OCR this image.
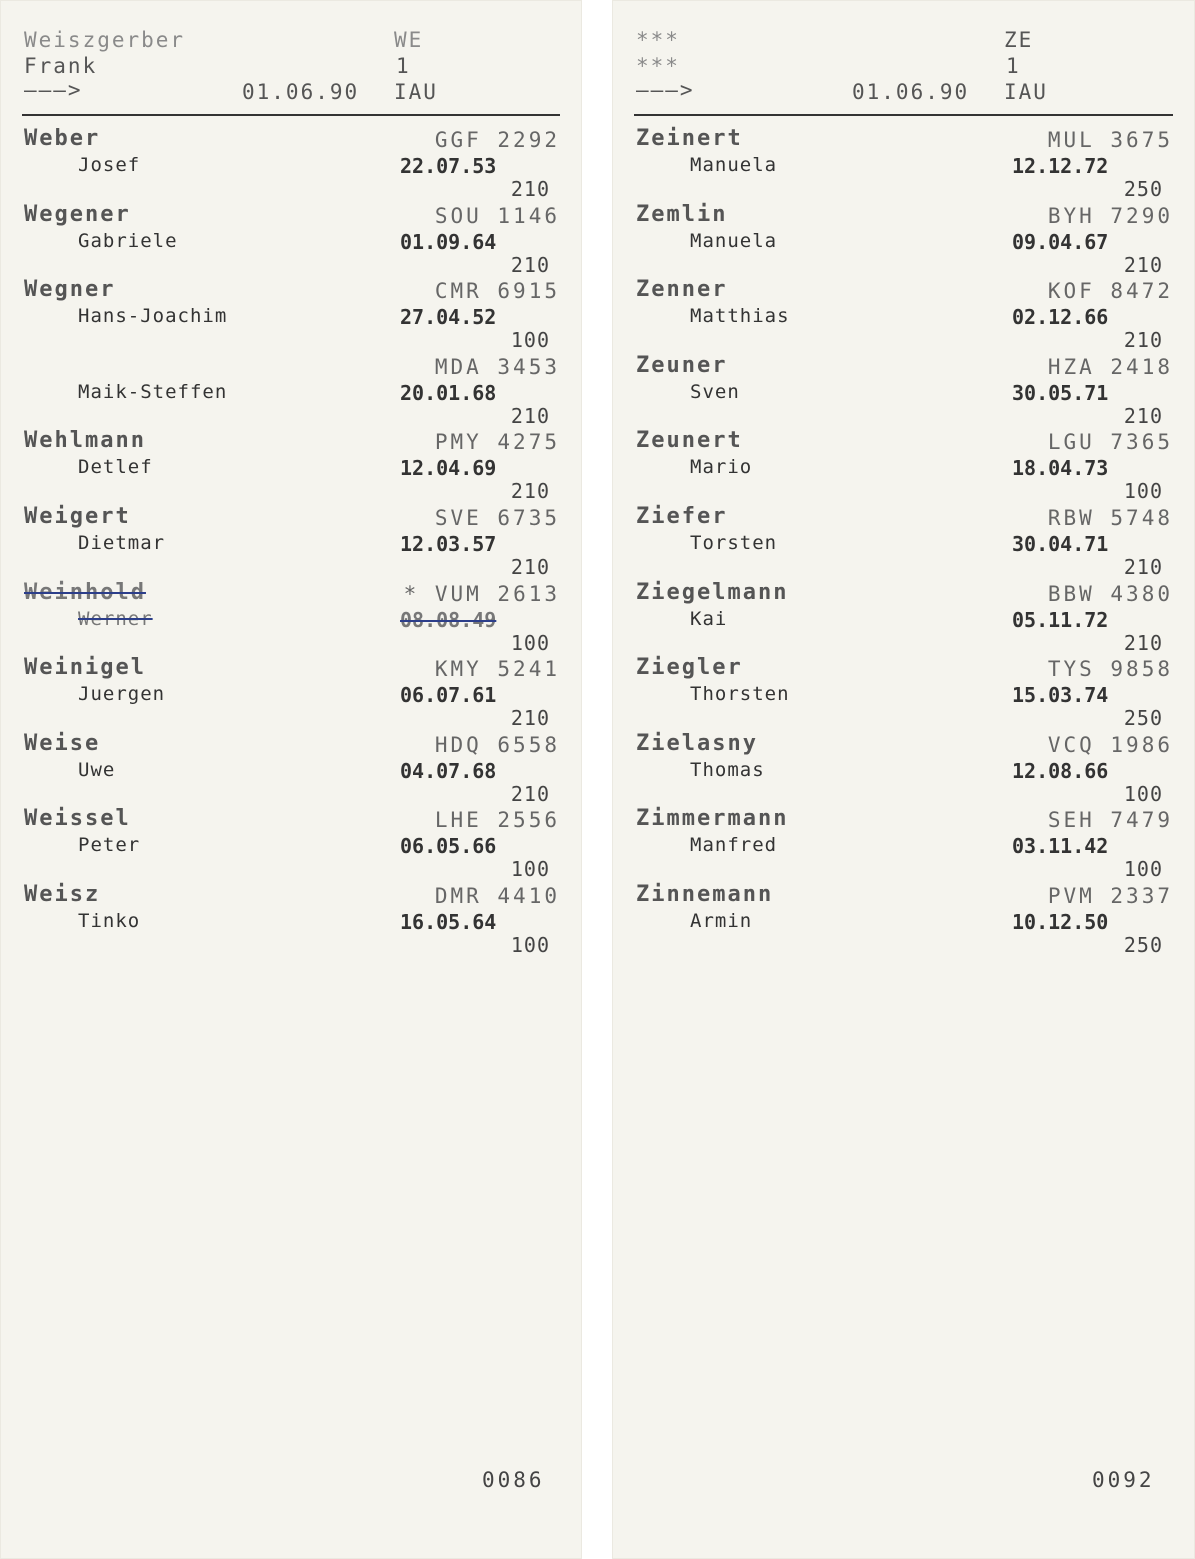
Weiszgerber
Frank
———>	01.06.90
WE
1
IAU
Weber
Josef
GGF 2292
22.07.53
210
Wegener
Gabriele
SOU 1146
01.09.64
210
Wegner
Hans-Joachim
CMR 6915
27.04.52
100
Maik-Steffen
MDA 3453
20.01.68
210
Wehlmann
Detlef
PMY 4275
12.04.69
210
Weigert
Dietmar
SVE 6735
12.03.57
210
Weinhold
Werner
* VUM 2613
08.08.49
100
Weinigel
Juergen
KMY 5241
06.07.61
210
Weise
Uwe
HDQ 6558
04.07.68
210
Weissel
Peter
LHE 2556
06.05.66
100
Weisz
Tinko
DMR 4410
16.05.64
100
0086
***
***
———>	01.06.90
ZE
1
IAU
Zeinert
Manuela
MUL 3675
12.12.72
250
Zemlin
Manuela
BYH 7290
09.04.67
210
Zenner
Matthias
KOF 8472
02.12.66
210
Zeuner
Sven
HZA 2418
30.05.71
210
Zeunert
Mario
LGU 7365
18.04.73
100
Ziefer
Torsten
RBW 5748
30.04.71
210
Ziegelmann
Kai
BBW 4380
05.11.72
210
Ziegler
Thorsten
TYS 9858
15.03.74
250
Zielasny
Thomas
VCQ 1986
12.08.66
100
Zimmermann
Manfred
SEH 7479
03.11.42
100
Zinnemann
Armin
PVM 2337
10.12.50
250
0092
